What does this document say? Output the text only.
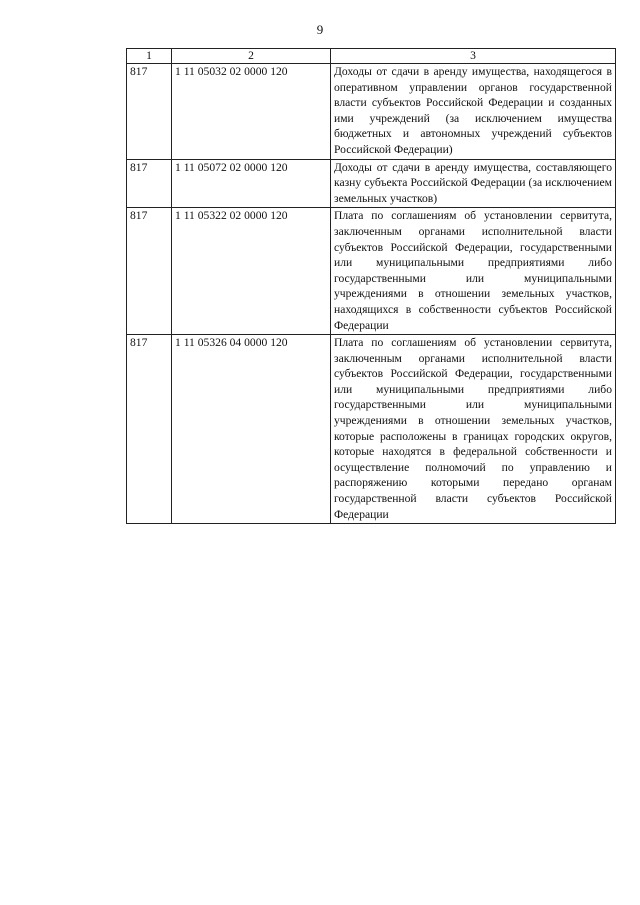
9
1	2	3
817	1 11 05032 02 0000 120	Доходы от сдачи в аренду имущества, находящегося в оперативном управлении органов государственной власти субъектов Российской Федерации и созданных ими учреждений (за исключением имущества бюджетных и автономных учреждений субъектов Российской Федерации)
817	1 11 05072 02 0000 120	Доходы от сдачи в аренду имущества, составляющего казну субъекта Российской Федерации (за исключением земельных участков)
817	1 11 05322 02 0000 120	Плата по соглашениям об установлении сервитута, заключенным органами исполнительной власти субъектов Российской Федерации, государственными или муниципальными предприятиями либо государственными или муниципальными учреждениями в отношении земельных участков, находящихся в собственности субъектов Российской Федерации
817	1 11 05326 04 0000 120	Плата по соглашениям об установлении сервитута, заключенным органами исполнительной власти субъектов Российской Федерации, государственными или муниципальными предприятиями либо государственными или муниципальными учреждениями в отношении земельных участков, которые расположены в границах городских округов, которые находятся в федеральной собственности и осуществление полномочий по управлению и распоряжению которыми передано органам государственной власти субъектов Российской Федерации
